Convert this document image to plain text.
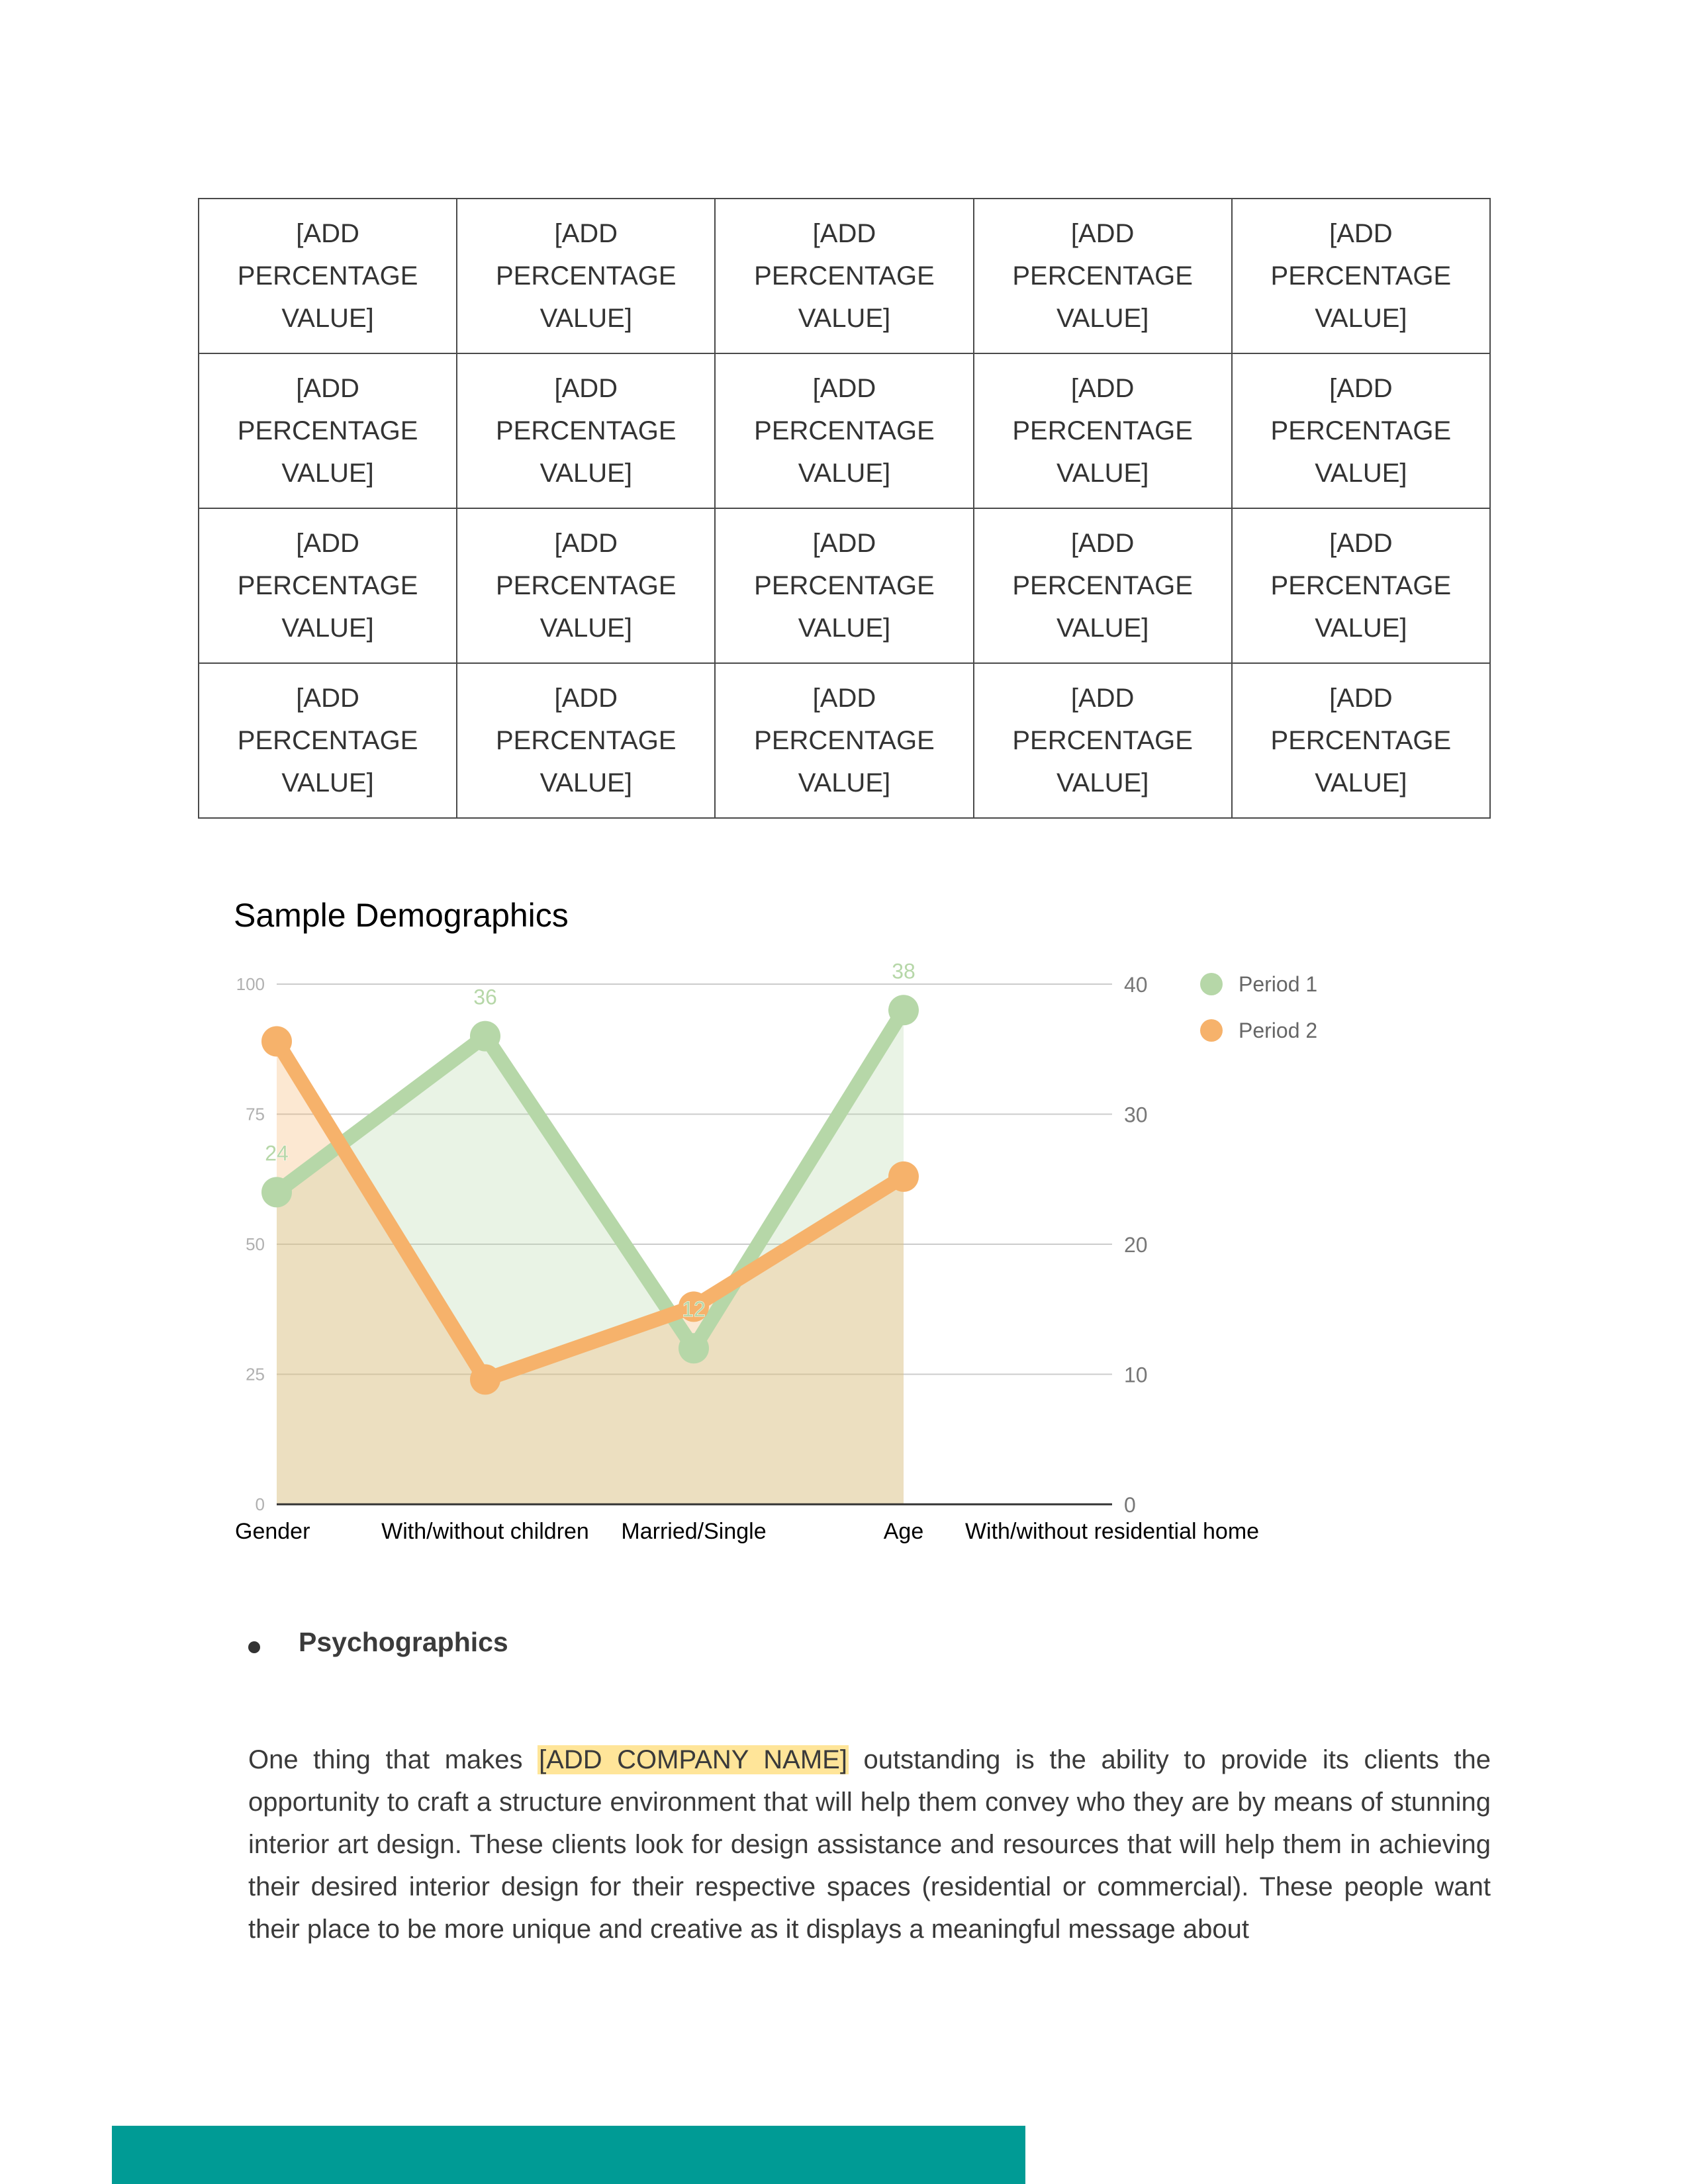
[ADD PERCENTAGE VALUE]	[ADD PERCENTAGE VALUE]	[ADD PERCENTAGE VALUE]	[ADD PERCENTAGE VALUE]	[ADD PERCENTAGE VALUE]
[ADD PERCENTAGE VALUE]	[ADD PERCENTAGE VALUE]	[ADD PERCENTAGE VALUE]	[ADD PERCENTAGE VALUE]	[ADD PERCENTAGE VALUE]
[ADD PERCENTAGE VALUE]	[ADD PERCENTAGE VALUE]	[ADD PERCENTAGE VALUE]	[ADD PERCENTAGE VALUE]	[ADD PERCENTAGE VALUE]
[ADD PERCENTAGE VALUE]	[ADD PERCENTAGE VALUE]	[ADD PERCENTAGE VALUE]	[ADD PERCENTAGE VALUE]	[ADD PERCENTAGE VALUE]
Sample Demographics
0
25
50
75
100
0
10
20
30
40
24
36
12
38
Gender	With/without children Married/Single	Age With/without residential home
Period 1
Period 2
Psychographics

One thing that makes [ADD COMPANY NAME] outstanding is the ability to provide its clients the opportunity to craft a structure environment that will help them convey who they are by means of stunning interior art design. These clients look for design assistance and resources that will help them in achieving their desired interior design for their respective spaces (residential or commercial). These people want their place to be more unique and creative as it displays a meaningful message about
